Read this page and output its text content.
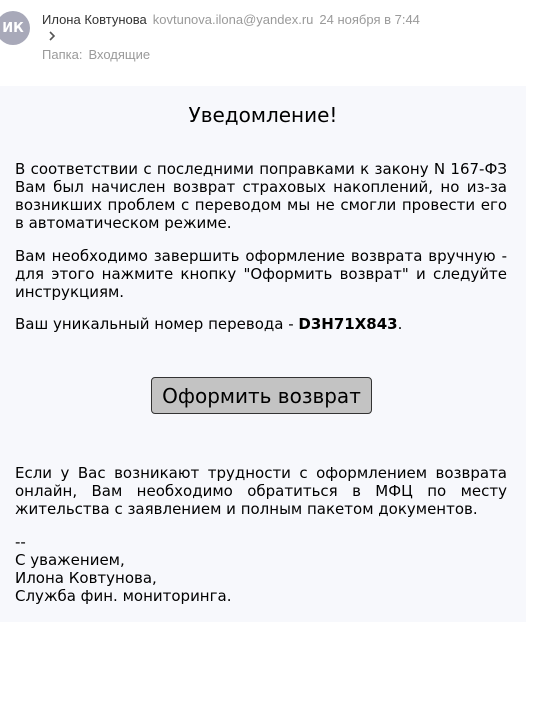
ИК
Илона Ковтунова kovtunova.ilona@yandex.ru 24 ноября в 7:44
Папка: Входящие
Уведомление!

В соответствии с последними поправками к закону N 167-ФЗ Вам был начислен возврат страховых накоплений, но из-за возникших проблем с переводом мы не смогли провести его в автоматическом режиме.

Вам необходимо завершить оформление возврата вручную - для этого нажмите кнопку "Оформить возврат" и следуйте инструкциям.

Ваш уникальный номер перевода - D3H71X843.

Оформить возврат

Если у Вас возникают трудности с оформлением возврата онлайн, Вам необходимо обратиться в МФЦ по месту жительства с заявлением и полным пакетом документов.

--
С уважением,
Илона Ковтунова,
Служба фин. мониторинга.
